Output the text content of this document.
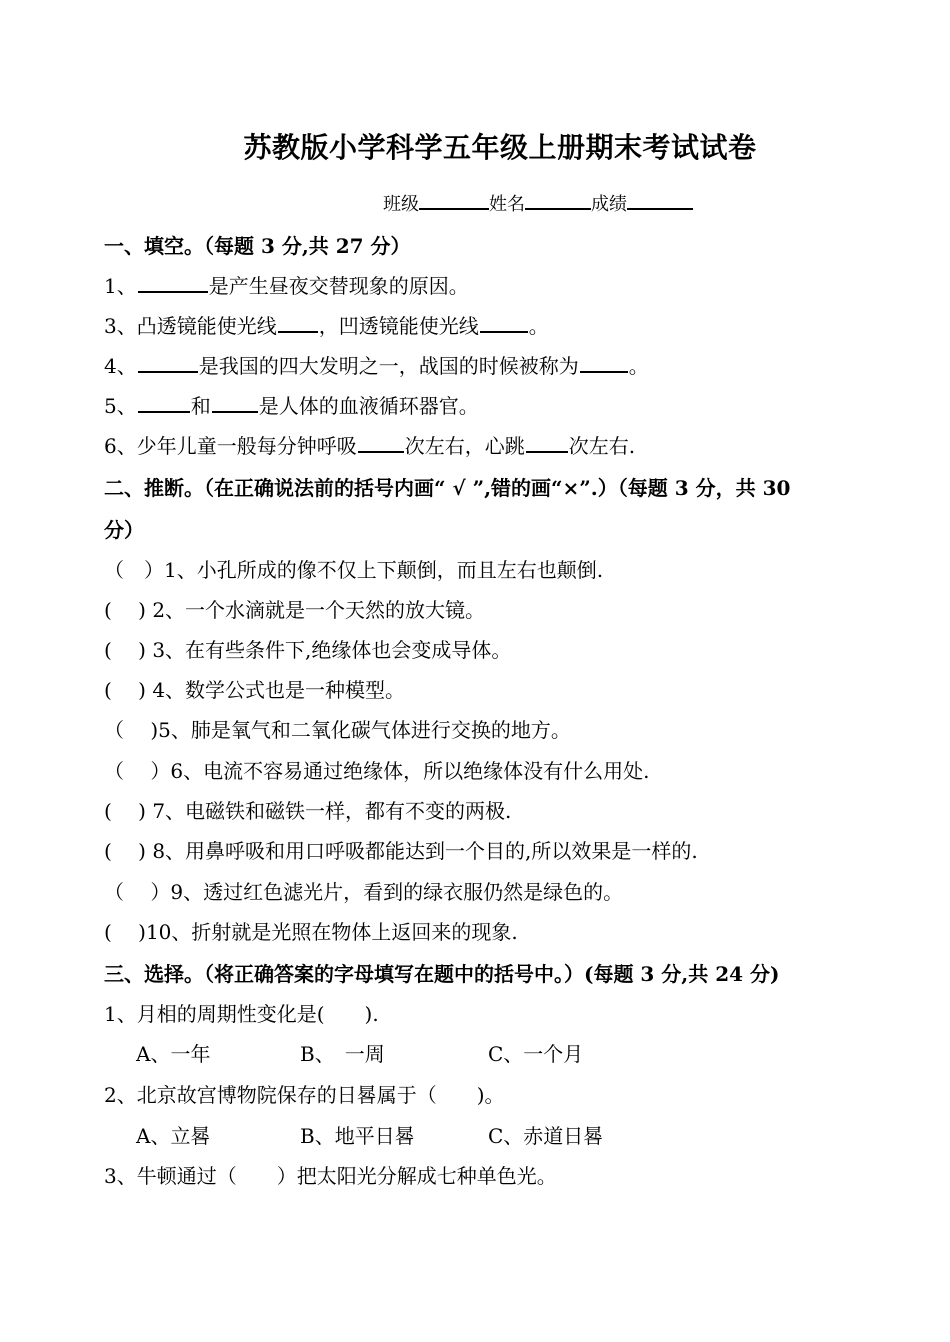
苏教版小学科学五年级上册期末考试试卷
班级	姓名	成绩
一、填空。（每题 3 分,共 27 分）
1、	是产生昼夜交替现象的原因。
3、凸透镜能使光线 ，凹透镜能使光线	。
4、	是我国的四大发明之一，战国的时候被称为	。
5、	和 是人体的血液循环器官。
6、少年儿童一般每分钟呼吸 次左右，心跳 次左右.
二、推断。（在正确说法前的括号内画“ √ ”,错的画“×”.）（每题 3 分，共 30
分）
（　）1、小孔所成的像不仅上下颠倒，而且左右也颠倒.
(　 ) 2、一个水滴就是一个天然的放大镜。
(　 ) 3、在有些条件下,绝缘体也会变成导体。
(　 ) 4、数学公式也是一种模型。
（　 )5、肺是氧气和二氧化碳气体进行交换的地方。
（　 ）6、电流不容易通过绝缘体，所以绝缘体没有什么用处.
(　 ) 7、电磁铁和磁铁一样，都有不变的两极.
(　 ) 8、用鼻呼吸和用口呼吸都能达到一个目的,所以效果是一样的.
（　 ）9、透过红色滤光片，看到的绿衣服仍然是绿色的。
(　 )10、折射就是光照在物体上返回来的现象.
三、选择。（将正确答案的字母填写在题中的括号中。）(每题 3 分,共 24 分)
1、月相的周期性变化是(　　).
A、一年	B、　一周	C、一个月
2、北京故宫博物院保存的日晷属于（　　)。
A、立晷	B、地平日晷	C、赤道日晷
3、牛顿通过（　　）把太阳光分解成七种单色光。
